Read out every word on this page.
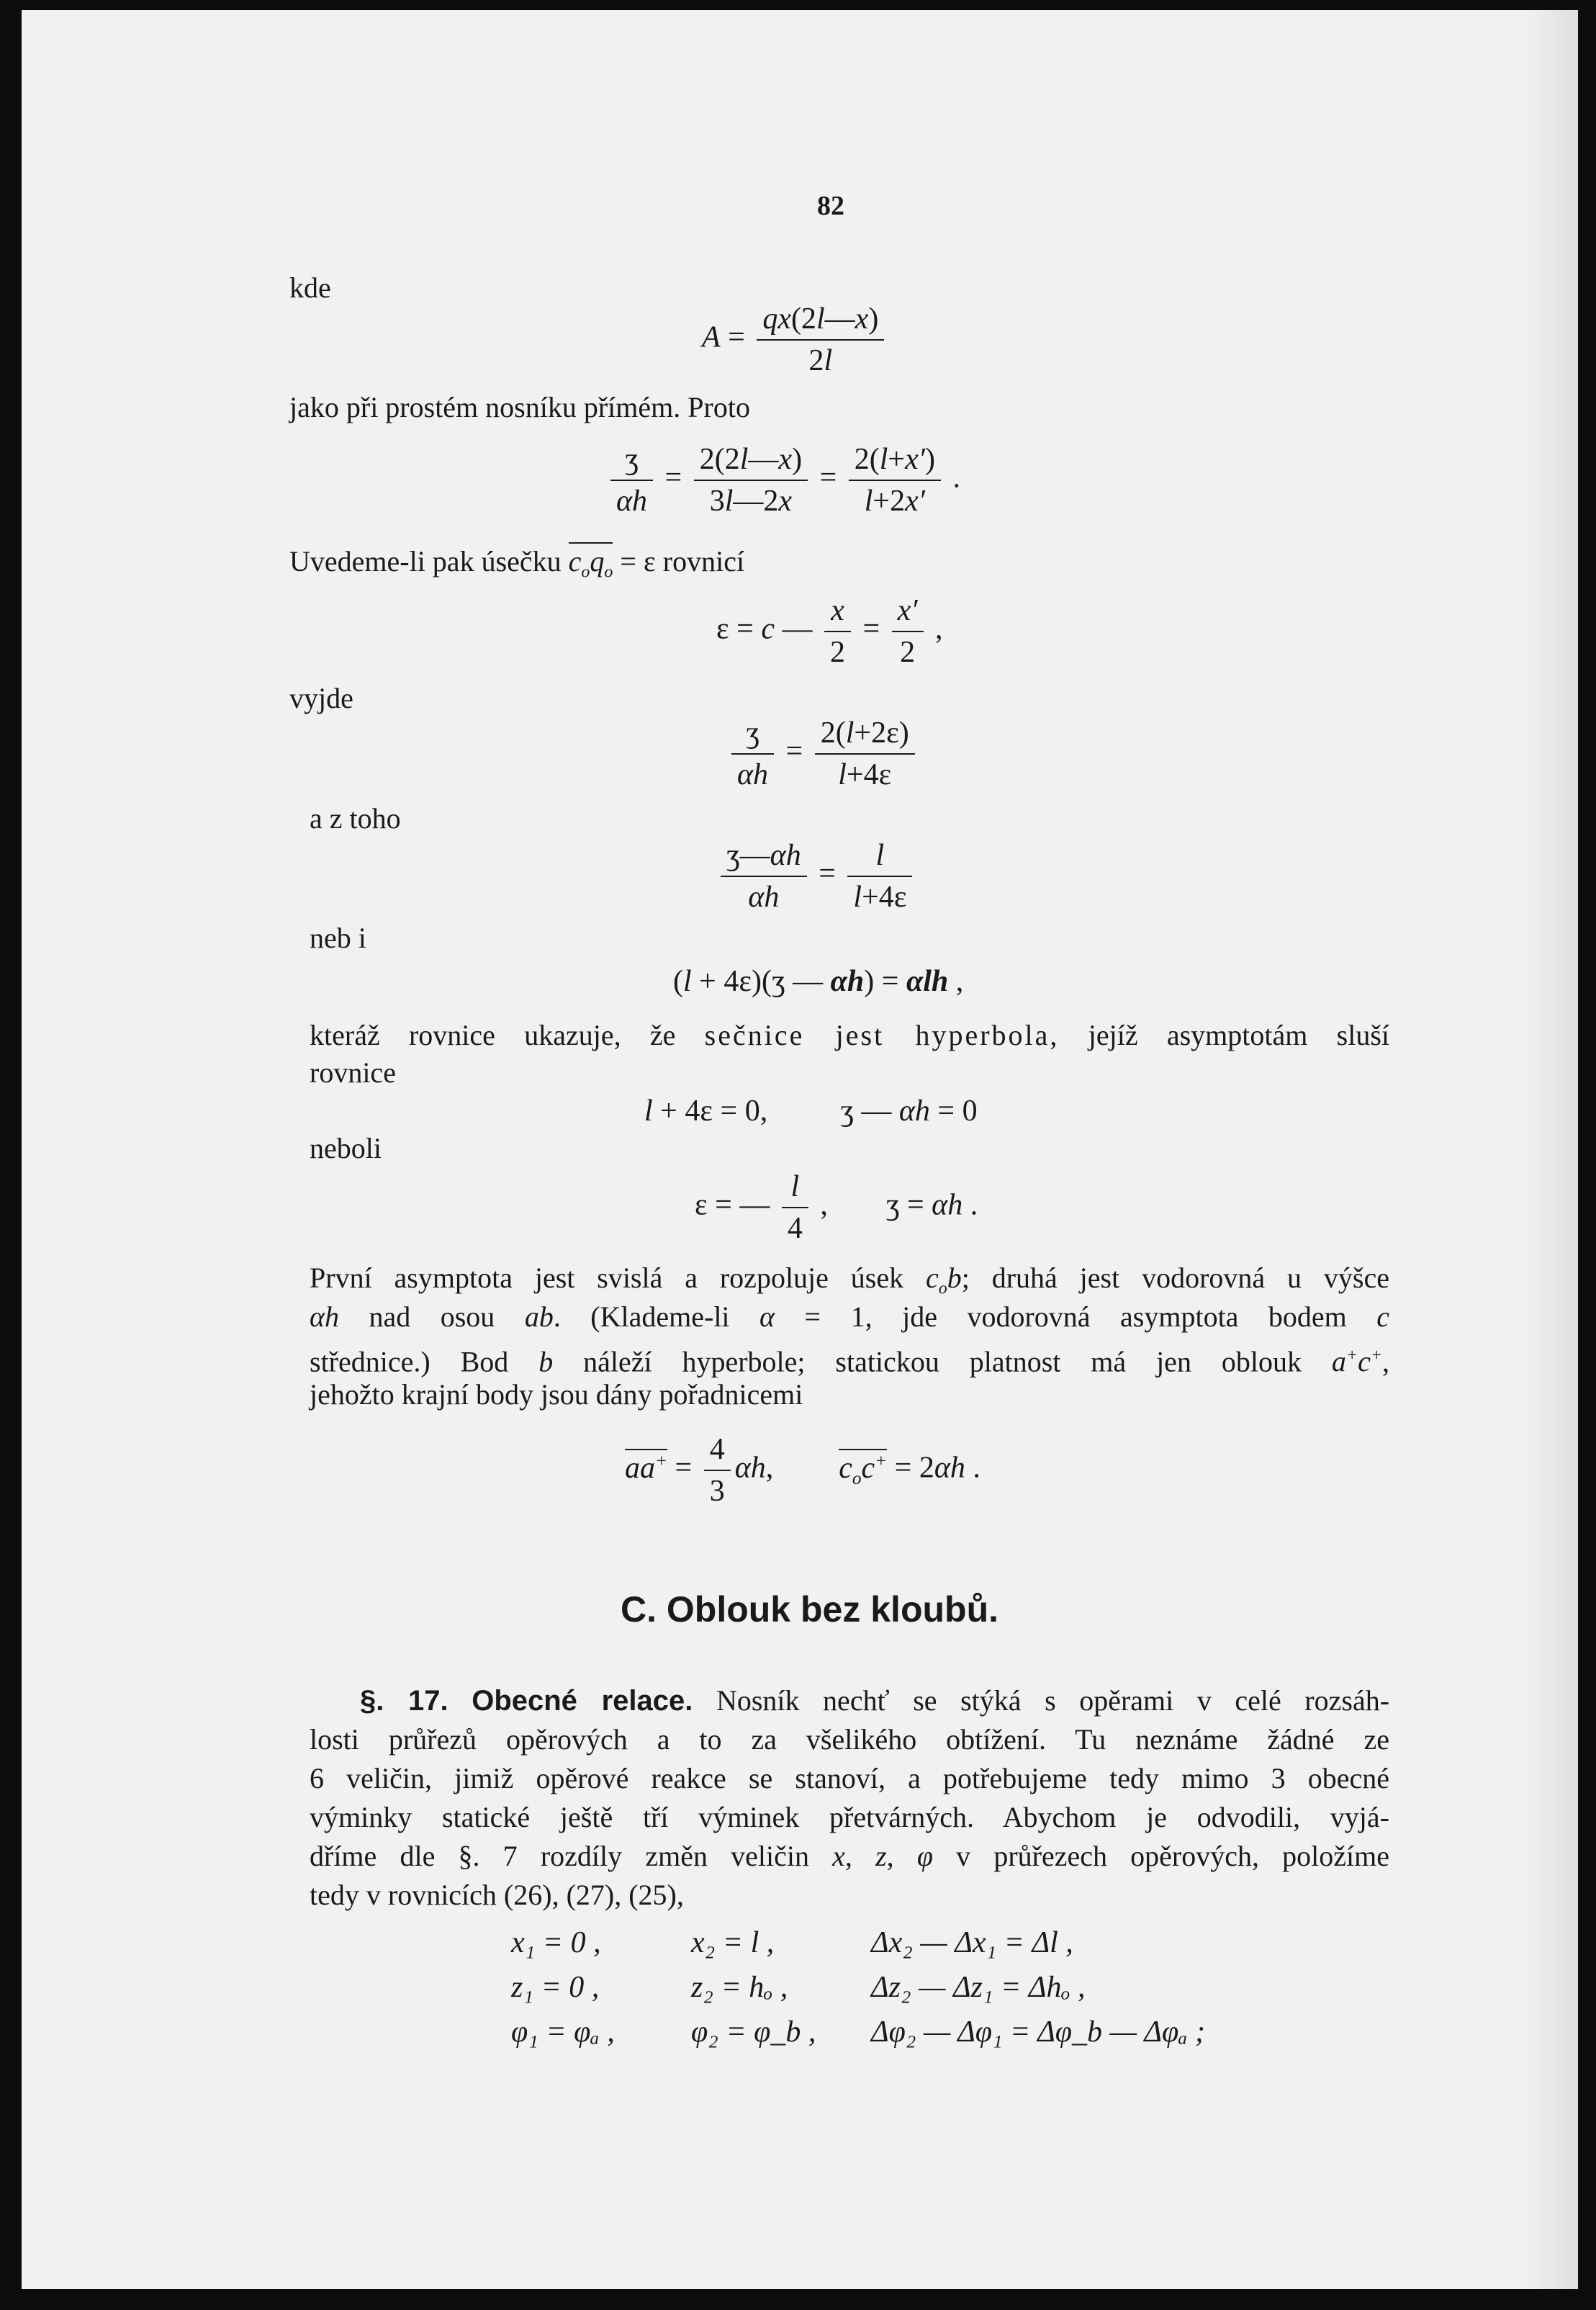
82
kde
$A = \frac{qx(2l—x)}{2l}$
jako při prostém nosníku přímém. Proto
$\frac{\text{ʒ}}{\alpha h} = \frac{2(2l—x)}{3l—2x} = \frac{2(l+x')}{l+2x'}$ .
Uvedeme-li pak úsečku $c_oq_o$ = ɛ rovnicí
ɛ = c — $\frac{x}{2} = \frac{x'}{2}$ ,
vyjde
$\frac{\text{ʒ}}{\alpha h} = \frac{\text{2(l+2ɛ)}}{\text{l+4ɛ}}$
a z toho
$\frac{\text{ʒ—αh}}{\alpha h} = \frac{l}{\text{l+4ɛ}}$
neb i
(l + 4ɛ)(ʒ — αh) = αlh ,
kteráž rovnice ukazuje, že sečnice jest hyperbola, jejíž asymptotám sluší
rovnice
l + 4ɛ = 0, ʒ — αh = 0
neboli
ɛ = — $\frac{l}{4}$ , ʒ = αh .
První asymptota jest svislá a rozpoluje úsek $c_ob$; druhá jest vodorovná u výšce
αh nad osou ab. (Klademe-li α = 1, jde vodorovná asymptota bodem c
střednice.) Bod b náleží hyperbole; statickou platnost má jen oblouk a+c+,
jehožto krajní body jsou dány pořadnicemi
$aa^+ = \frac{4}{3} \alpha h$, $c_oc^+ = 2\alpha h$ .
C. Oblouk bez kloubů.
§. 17. Obecné relace. Nosník nechť se stýká s opěrami v celé rozsáh-
losti průřezů opěrových a to za všelikého obtížení. Tu neznáme žádné ze
6 veličin, jimiž opěrové reakce se stanoví, a potřebujeme tedy mimo 3 obecné
výminky statické ještě tří výminek přetvárných. Abychom je odvodili, vyjá-
dříme dle §. 7 rozdíly změn veličin x, z, φ v průřezech opěrových, položíme
tedy v rovnicích (26), (27), (25),
x₁ = 0 ,	x₂ = l ,	Δx₂ — Δx₁ = Δl ,
z₁ = 0 ,	z₂ = hₒ ,	Δz₂ — Δz₁ = Δhₒ ,
φ₁ = φₐ ,	φ₂ = φ_b ,	Δφ₂ — Δφ₁ = Δφ_b — Δφₐ ;
